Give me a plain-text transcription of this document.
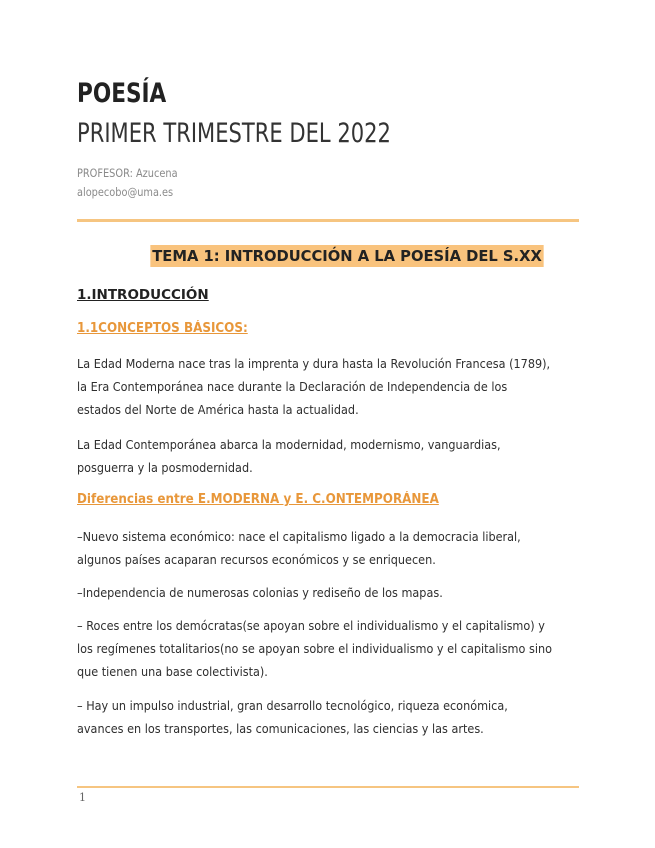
POESÍA
PRIMER TRIMESTRE DEL 2022
PROFESOR: Azucena
alopecobo@uma.es
TEMA 1: INTRODUCCIÓN A LA POESÍA DEL S.XX
1.INTRODUCCIÓN
1.1CONCEPTOS BÁSICOS:
La Edad Moderna nace tras la imprenta y dura hasta la Revolución Francesa (1789),
la Era Contemporánea nace durante la Declaración de Independencia de los
estados del Norte de América hasta la actualidad.
La Edad Contemporánea abarca la modernidad, modernismo, vanguardias,
posguerra y la posmodernidad.
Diferencias entre E.MODERNA y E. C.ONTEMPORÁNEA
–Nuevo sistema económico: nace el capitalismo ligado a la democracia liberal,
algunos países acaparan recursos económicos y se enriquecen.
–Independencia de numerosas colonias y rediseño de los mapas.
– Roces entre los demócratas(se apoyan sobre el individualismo y el capitalismo) y
los regímenes totalitarios(no se apoyan sobre el individualismo y el capitalismo sino
que tienen una base colectivista).
– Hay un impulso industrial, gran desarrollo tecnológico, riqueza económica,
avances en los transportes, las comunicaciones, las ciencias y las artes.
1
